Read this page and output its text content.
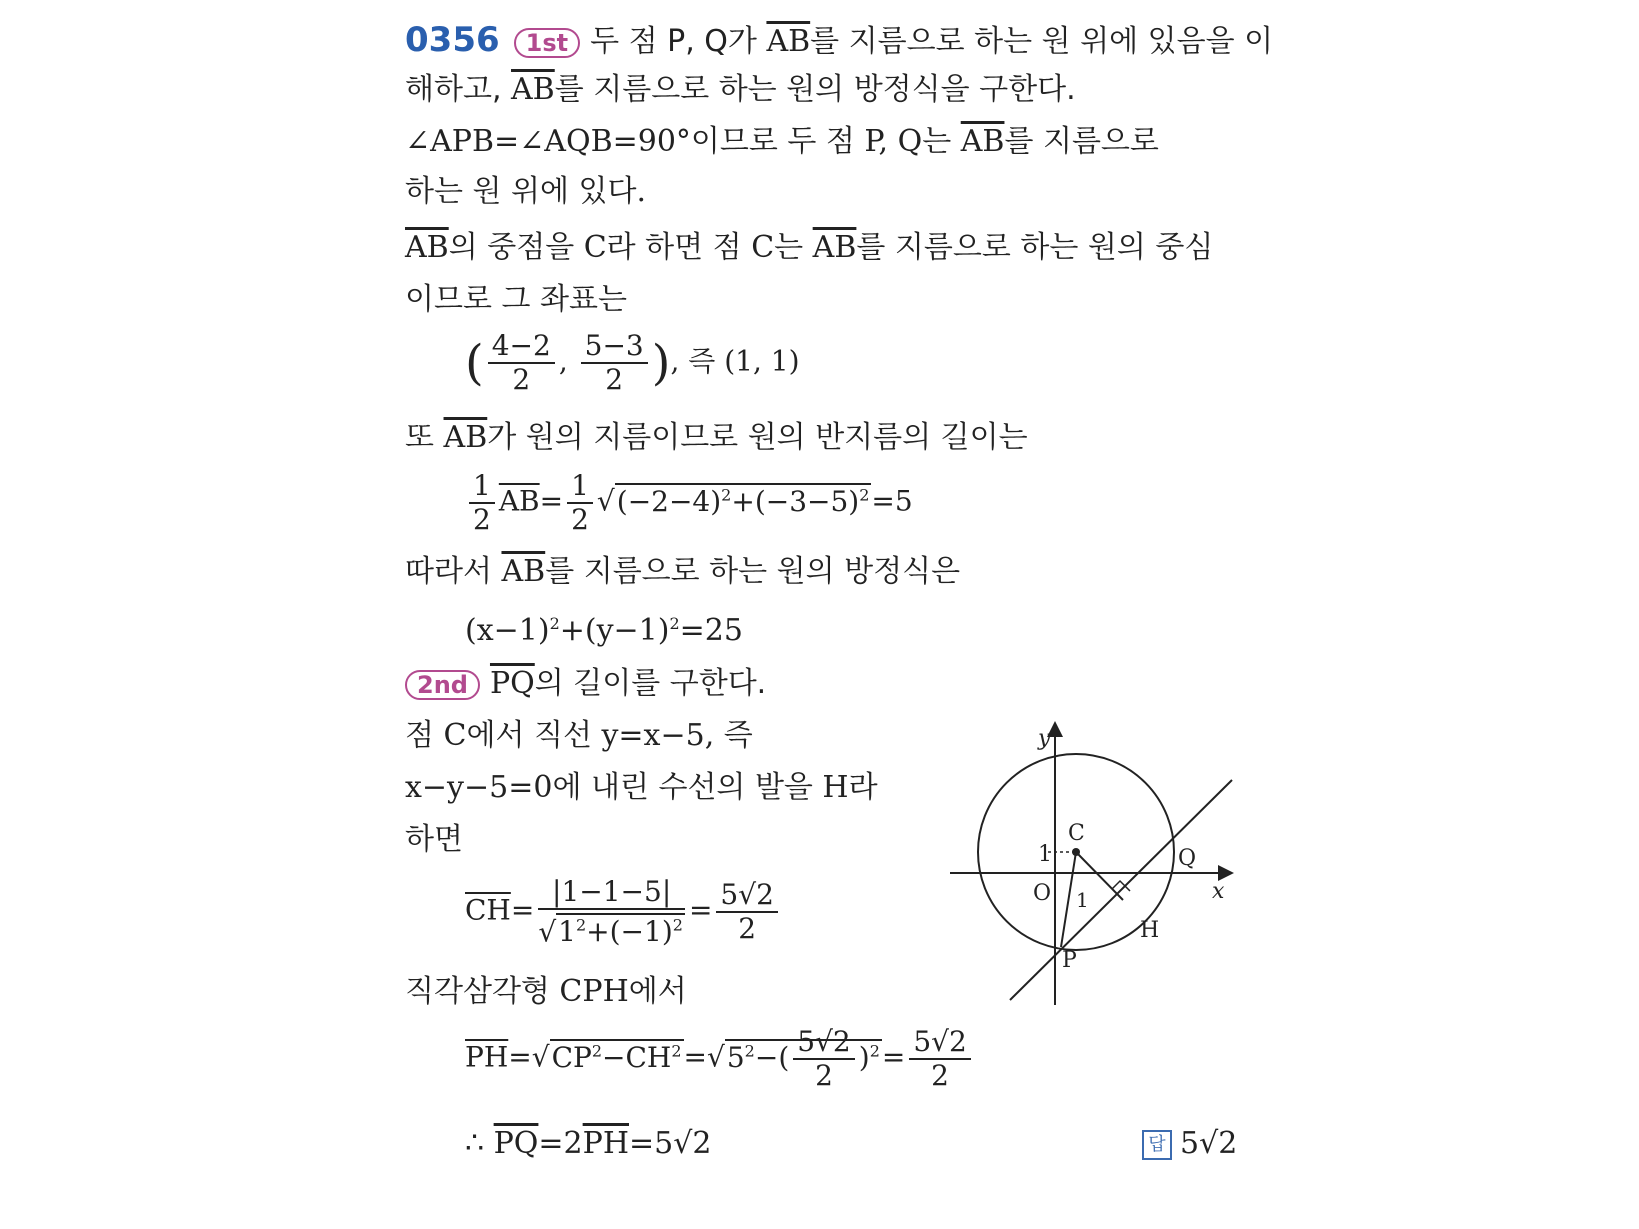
0356 1st 두 점 P, Q가 $\overline{AB}$를 지름으로 하는 원 위에 있음을 이
해하고, $\overline{AB}$를 지름으로 하는 원의 방정식을 구한다.
∠APB=∠AQB=90°이므로 두 점 P, Q는 $\overline{AB}$를 지름으로
하는 원 위에 있다.
$\overline{AB}$의 중점을 C라 하면 점 C는 $\overline{AB}$를 지름으로 하는 원의 중심
이므로 그 좌표는
( $\frac{4-2}{2}$ , $\frac{5-3}{2}$ ), 즉 (1, 1)
또 $\overline{AB}$가 원의 지름이므로 원의 반지름의 길이는
$\frac{1}{2} \overline{AB}= \frac{1}{2} √(-2-4)^2+(-3-5)^2=5$
따라서 $\overline{AB}$를 지름으로 하는 원의 방정식은
$(x-1)^2+(y-1)^2=25$
2nd $\overline{PQ}$의 길이를 구한다.
점 C에서 직선 y=x−5, 즉
x−y−5=0에 내린 수선의 발을 H라
하면
$\overline{CH}= \frac{|1-1-5|}{√1^2+(-1)^2} = \frac{5√2}{2}$
직각삼각형 CPH에서
$\overline{PH}=√CP^2-\overline{CH}^2=√5^2-( \frac{5√2}{2} )^2= \frac{5√2}{2}$
∴ $\overline{PQ}=2\overline{PH}=5√2$	답 5√2
y
x
1
O
C
Q
H
P
1
